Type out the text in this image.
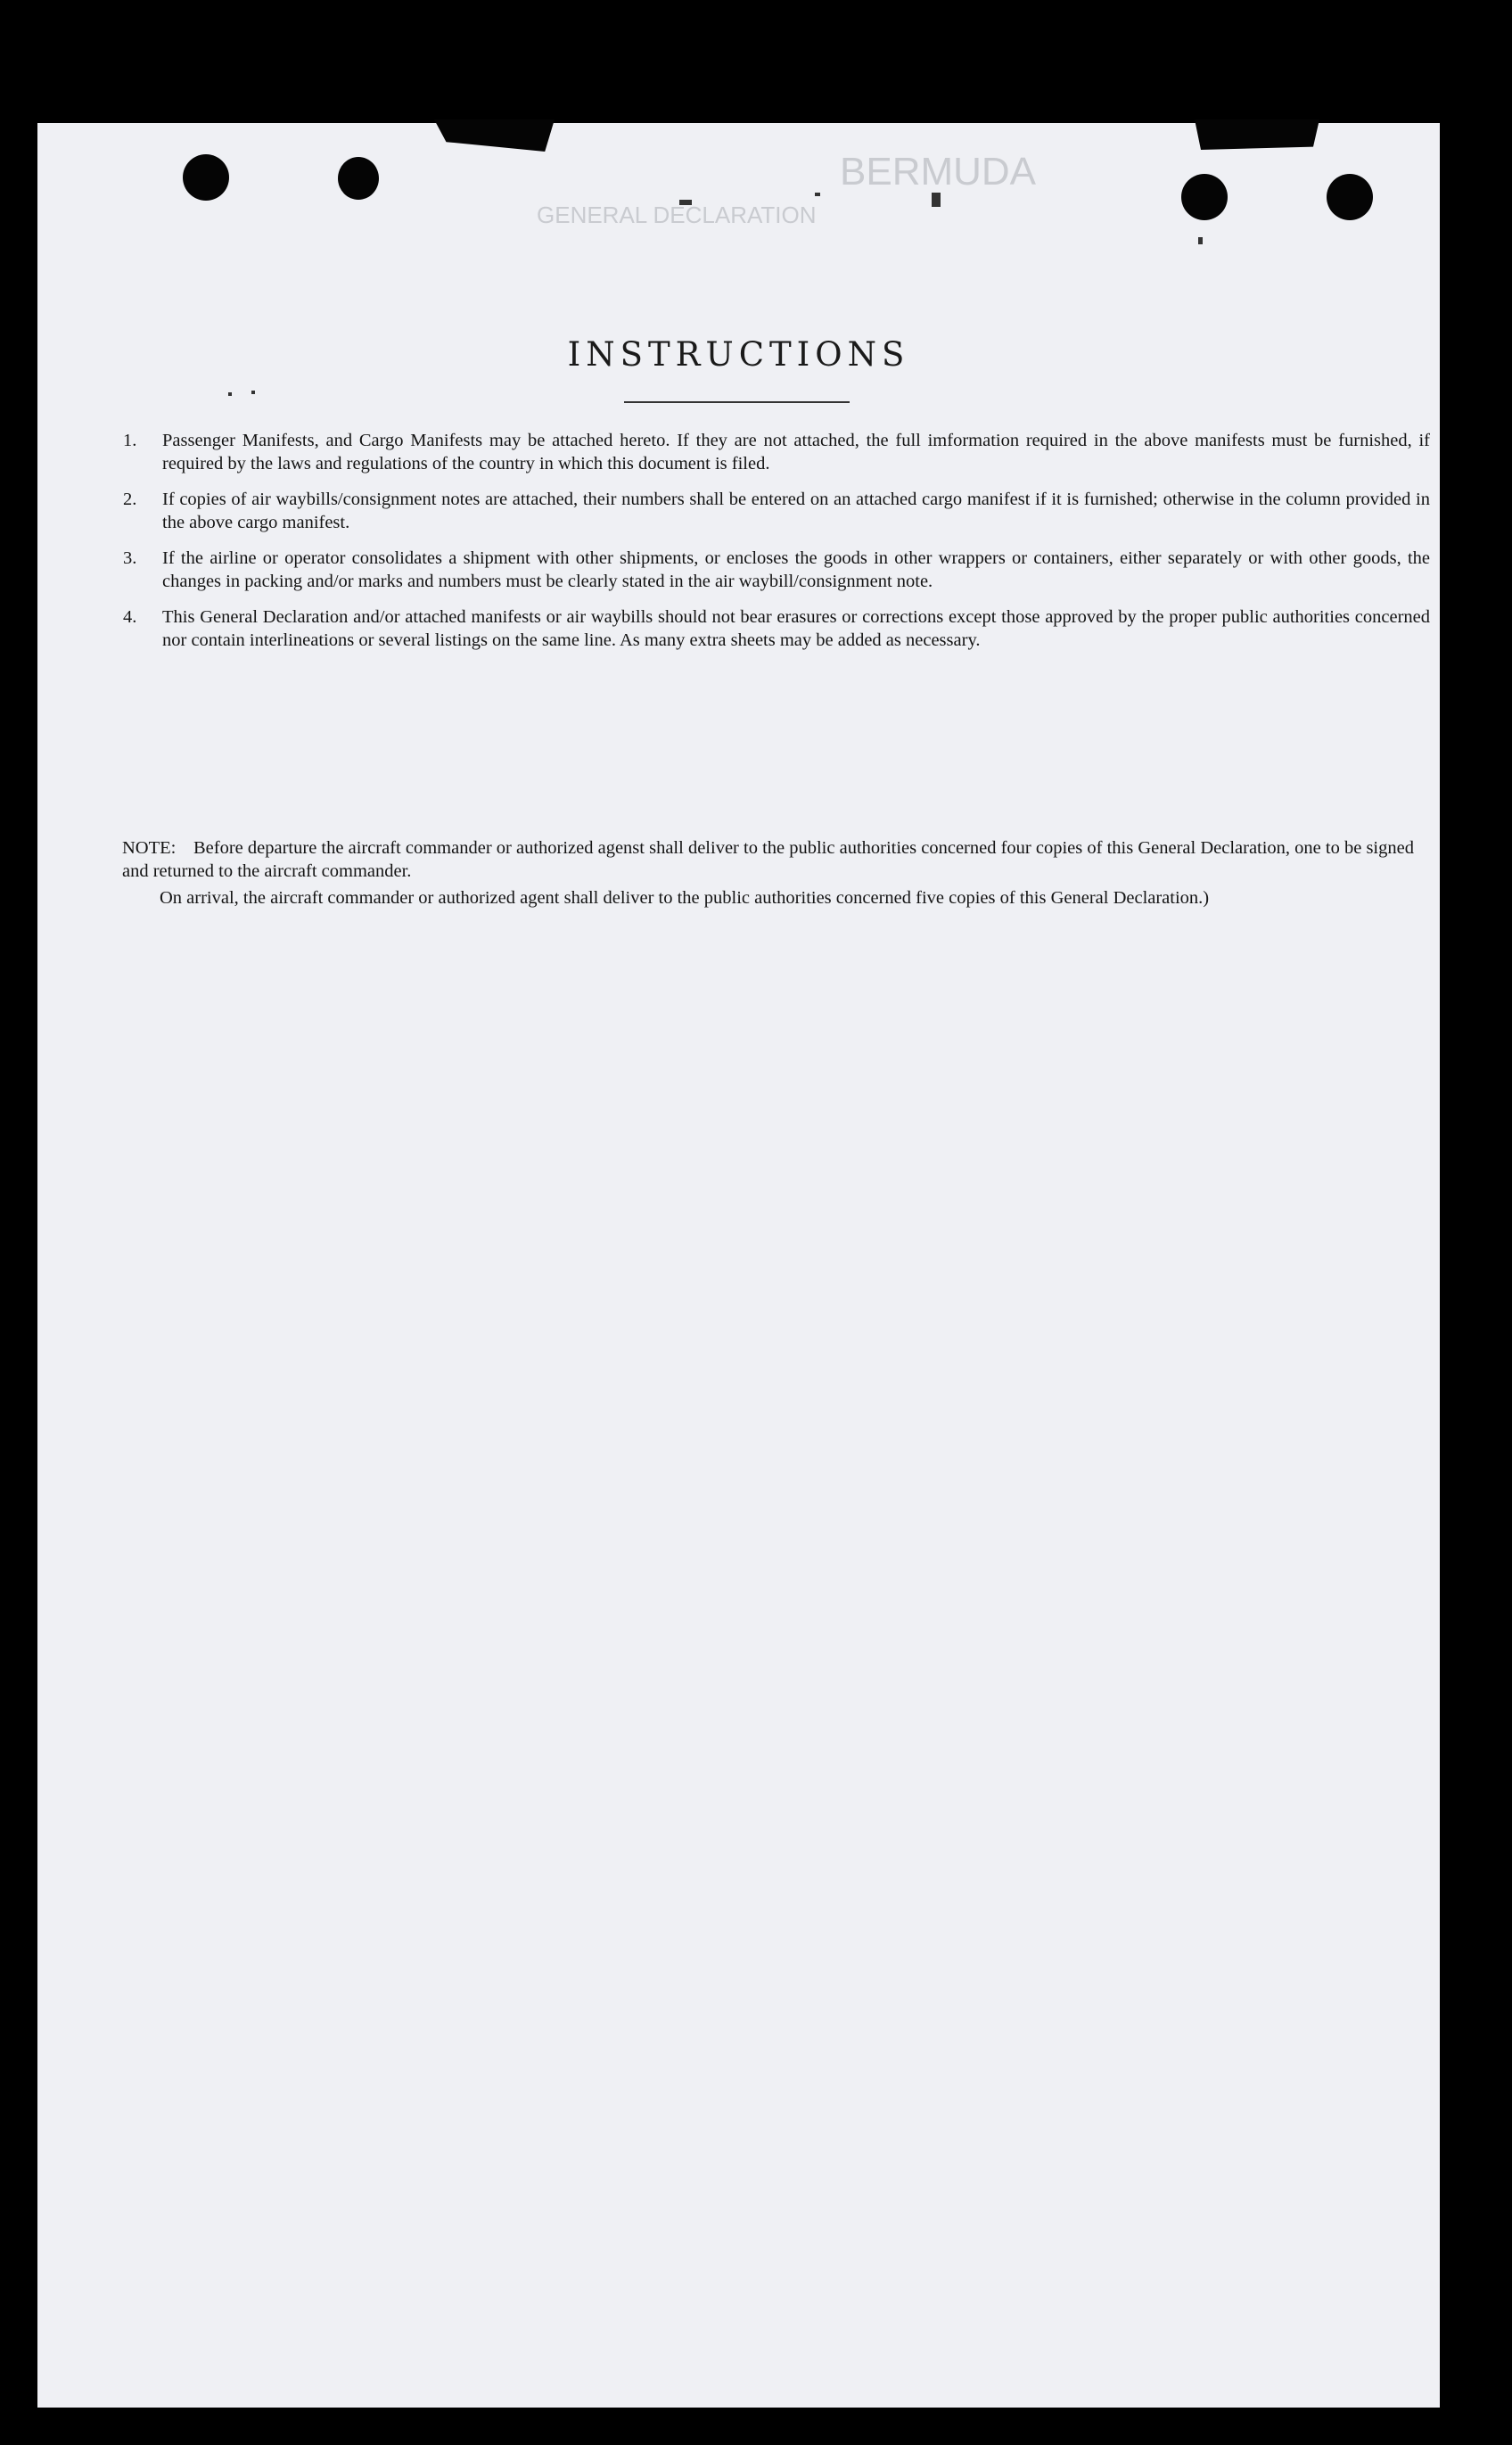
BERMUDA
GENERAL DECLARATION
INSTRUCTIONS
1.	Passenger Manifests, and Cargo Manifests may be attached hereto. If they are not attached, the full imformation required in the above manifests must be furnished, if required by the laws and regulations of the country in which this document is filed.
2.	If copies of air waybills/consignment notes are attached, their numbers shall be entered on an attached cargo manifest if it is furnished; otherwise in the column provided in the above cargo manifest.
3.	If the airline or operator consolidates a shipment with other shipments, or encloses the goods in other wrappers or containers, either separately or with other goods, the changes in packing and/or marks and numbers must be clearly stated in the air waybill/consignment note.
4.	This General Declaration and/or attached manifests or air waybills should not bear erasures or corrections except those approved by the proper public authorities concerned nor contain interlineations or several listings on the same line. As many extra sheets may be added as necessary.

NOTE: Before departure the aircraft commander or authorized agenst shall deliver to the public authorities concerned four copies of this General Declaration, one to be signed and returned to the aircraft commander.

On arrival, the aircraft commander or authorized agent shall deliver to the public authorities concerned five copies of this General Declaration.)
